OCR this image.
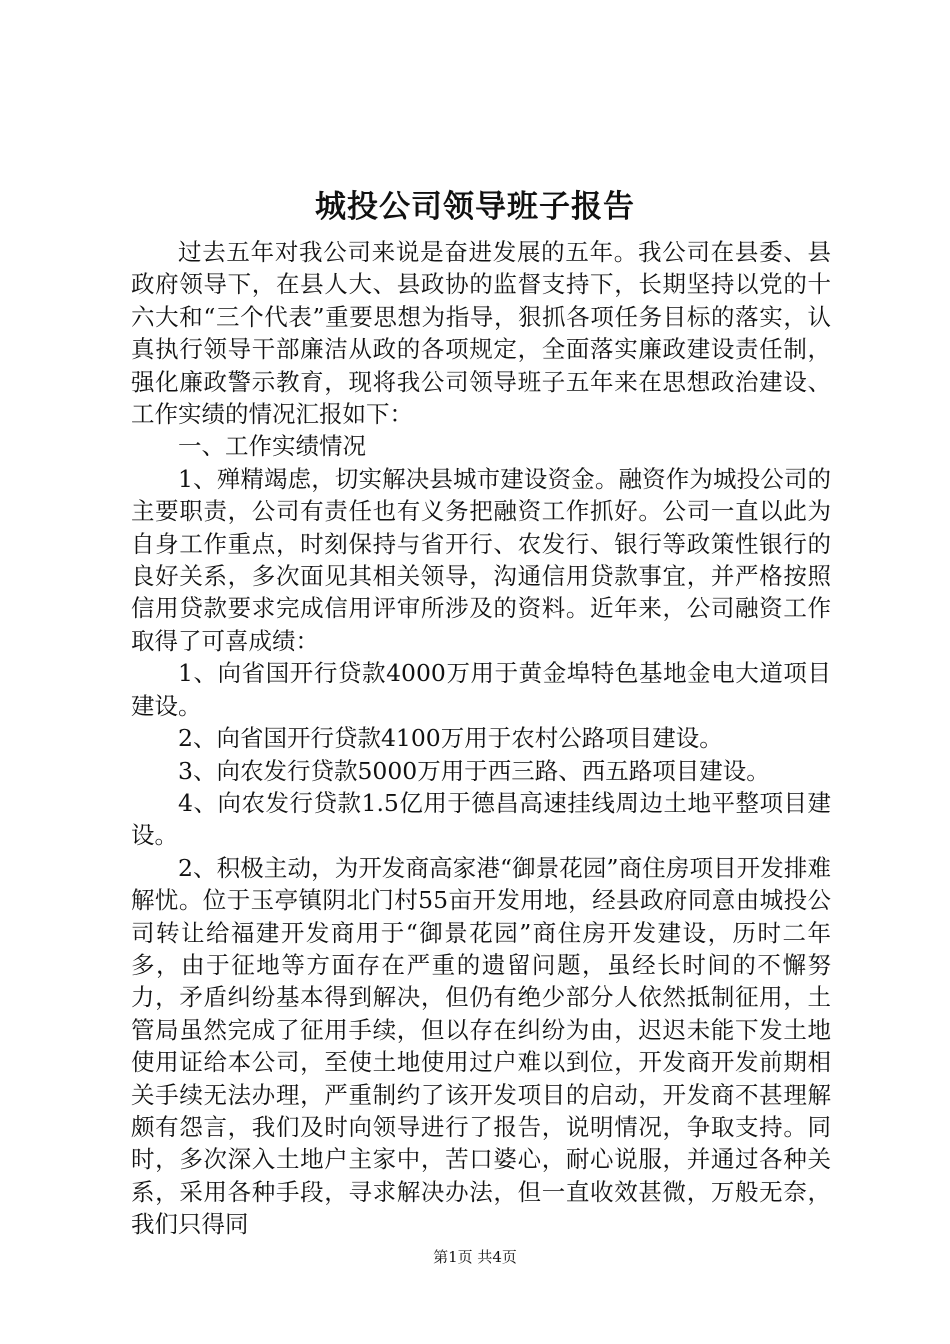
城投公司领导班子报告

过去五年对我公司来说是奋进发展的五年。我公司在县委、县政府领导下，在县人大、县政协的监督支持下，长期坚持以党的十六大和“三个代表”重要思想为指导，狠抓各项任务目标的落实，认真执行领导干部廉洁从政的各项规定，全面落实廉政建设责任制，强化廉政警示教育，现将我公司领导班子五年来在思想政治建设、工作实绩的情况汇报如下：

一、工作实绩情况

1、殚精竭虑，切实解决县城市建设资金。融资作为城投公司的主要职责，公司有责任也有义务把融资工作抓好。公司一直以此为自身工作重点，时刻保持与省开行、农发行、银行等政策性银行的良好关系，多次面见其相关领导，沟通信用贷款事宜，并严格按照信用贷款要求完成信用评审所涉及的资料。近年来，公司融资工作取得了可喜成绩：

1、向省国开行贷款4000万用于黄金埠特色基地金电大道项目建设。

2、向省国开行贷款4100万用于农村公路项目建设。

3、向农发行贷款5000万用于西三路、西五路项目建设。

4、向农发行贷款1.5亿用于德昌高速挂线周边土地平整项目建设。

2、积极主动，为开发商高家港“御景花园”商住房项目开发排难解忧。位于玉亭镇阴北门村55亩开发用地，经县政府同意由城投公司转让给福建开发商用于“御景花园”商住房开发建设，历时二年多，由于征地等方面存在严重的遗留问题，虽经长时间的不懈努力，矛盾纠纷基本得到解决，但仍有绝少部分人依然抵制征用，土管局虽然完成了征用手续，但以存在纠纷为由，迟迟未能下发土地使用证给本公司，至使土地使用过户难以到位，开发商开发前期相关手续无法办理，严重制约了该开发项目的启动，开发商不甚理解颇有怨言，我们及时向领导进行了报告，说明情况，争取支持。同时，多次深入土地户主家中，苦口婆心，耐心说服，并通过各种关系，采用各种手段，寻求解决办法，但一直收效甚微，万般无奈，我们只得同

第1页 共4页
